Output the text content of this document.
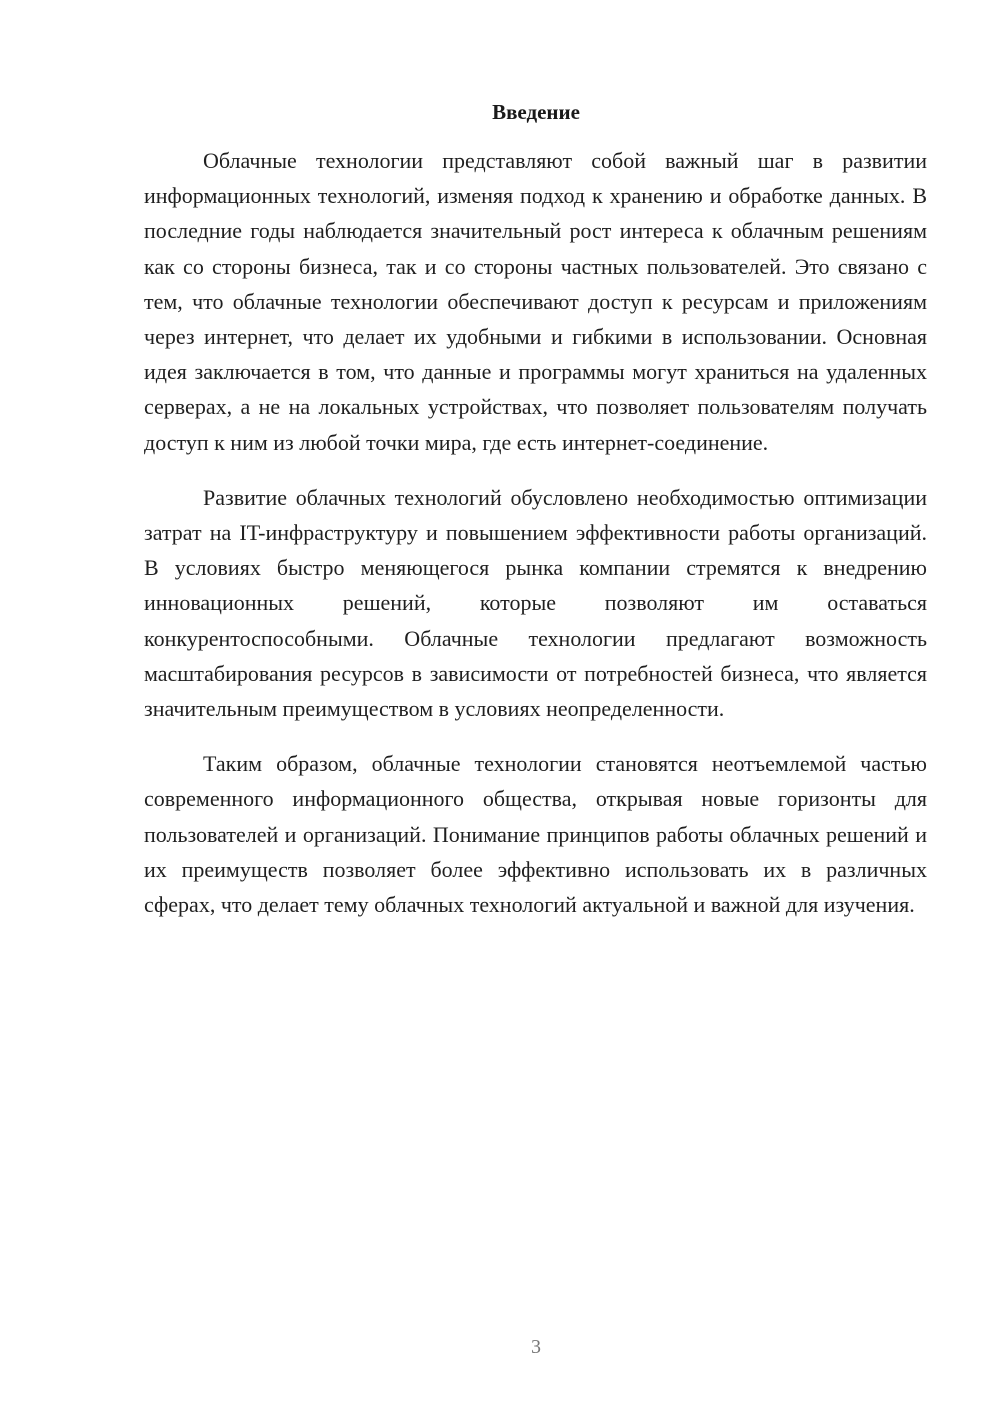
Введение

Облачные технологии представляют собой важный шаг в развитии информационных технологий, изменяя подход к хранению и обработке данных. В последние годы наблюдается значительный рост интереса к облачным решениям как со стороны бизнеса, так и со стороны частных пользователей. Это связано с тем, что облачные технологии обеспечивают доступ к ресурсам и приложениям через интернет, что делает их удобными и гибкими в использовании. Основная идея заключается в том, что данные и программы могут храниться на удаленных серверах, а не на локальных устройствах, что позволяет пользователям получать доступ к ним из любой точки мира, где есть интернет-соединение.

Развитие облачных технологий обусловлено необходимостью оптимизации затрат на IT-инфраструктуру и повышением эффективности работы организаций. В условиях быстро меняющегося рынка компании стремятся к внедрению инновационных решений, которые позволяют им оставаться конкурентоспособными. Облачные технологии предлагают возможность масштабирования ресурсов в зависимости от потребностей бизнеса, что является значительным преимуществом в условиях неопределенности.

Таким образом, облачные технологии становятся неотъемлемой частью современного информационного общества, открывая новые горизонты для пользователей и организаций. Понимание принципов работы облачных решений и их преимуществ позволяет более эффективно использовать их в различных сферах, что делает тему облачных технологий актуальной и важной для изучения.

3
